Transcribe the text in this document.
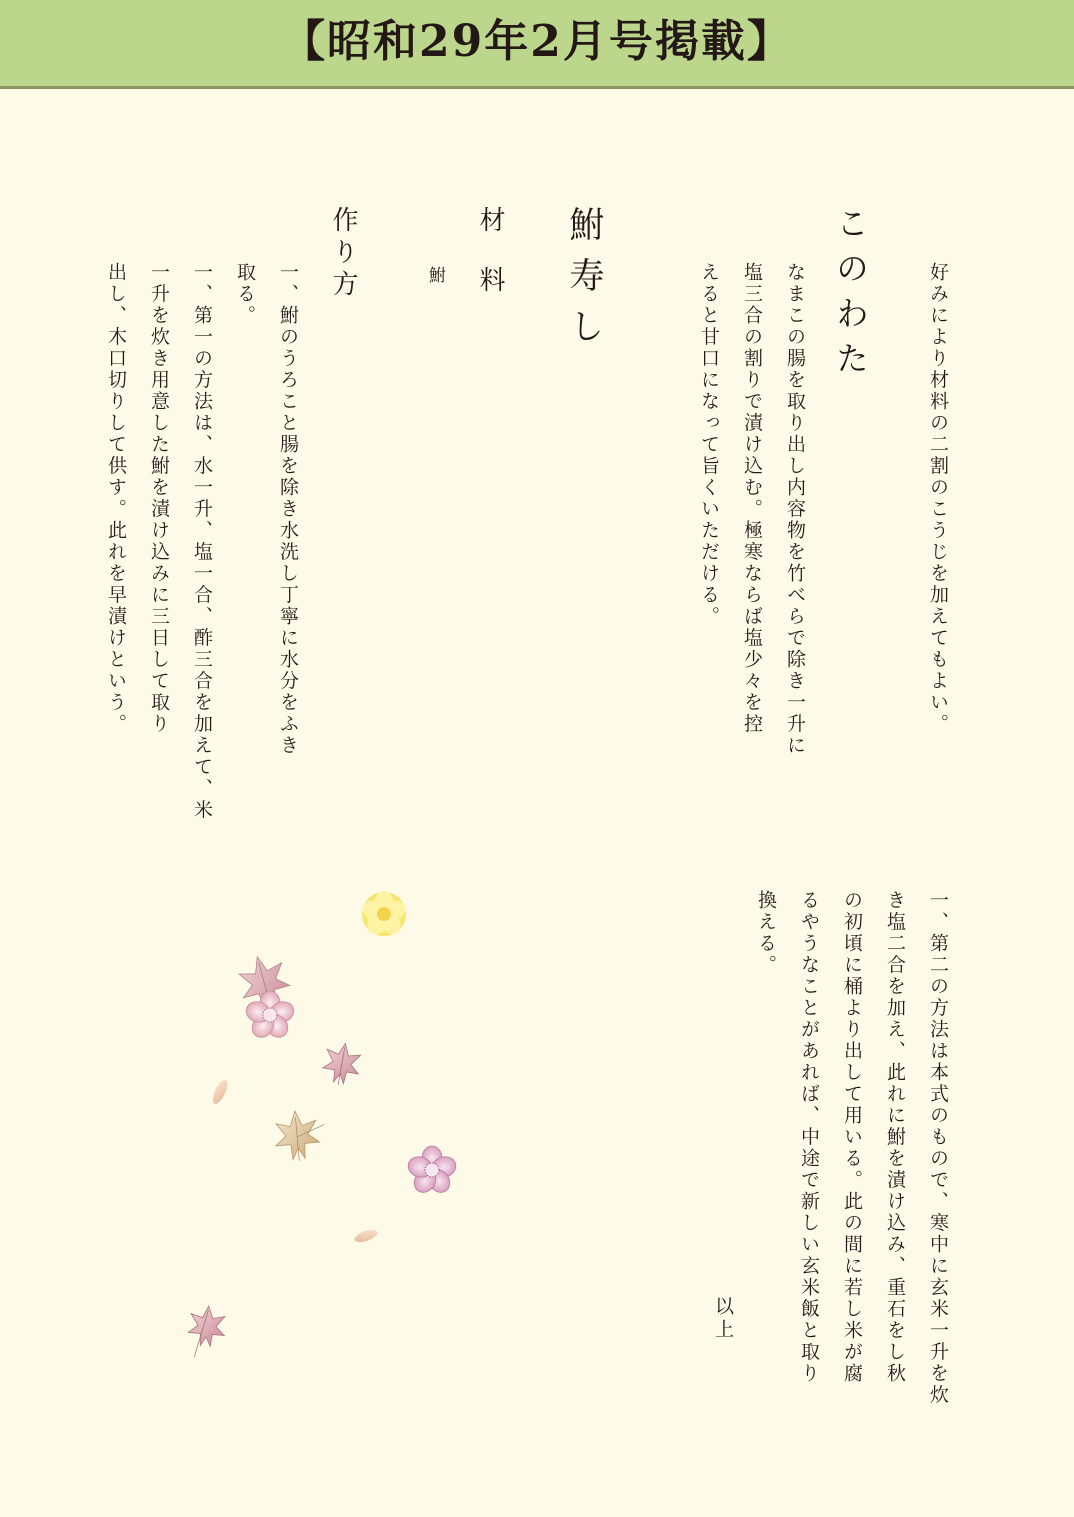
【昭和29年2月号掲載】

好みにより材料の二割のこうじを加えてもよい。

このわた

なまこの腸を取り出し内容物を竹べらで除き一升に

塩三合の割りで漬け込む。極寒ならば塩少々を控

えると甘口になって旨くいただける。

鮒寿し

材　料

鮒

作り方

一、鮒のうろこと腸を除き水洗し丁寧に水分をふき

取る。

一、第一の方法は、水一升、塩一合、酢三合を加えて、米

一升を炊き用意した鮒を漬け込みに三日して取り

出し、木口切りして供す。此れを早漬けという。

一、第二の方法は本式のもので、寒中に玄米一升を炊

き塩二合を加え、此れに鮒を漬け込み、重石をし秋

の初頃に桶より出して用いる。此の間に若し米が腐

るやうなことがあれば、中途で新しい玄米飯と取り

換える。

以上
